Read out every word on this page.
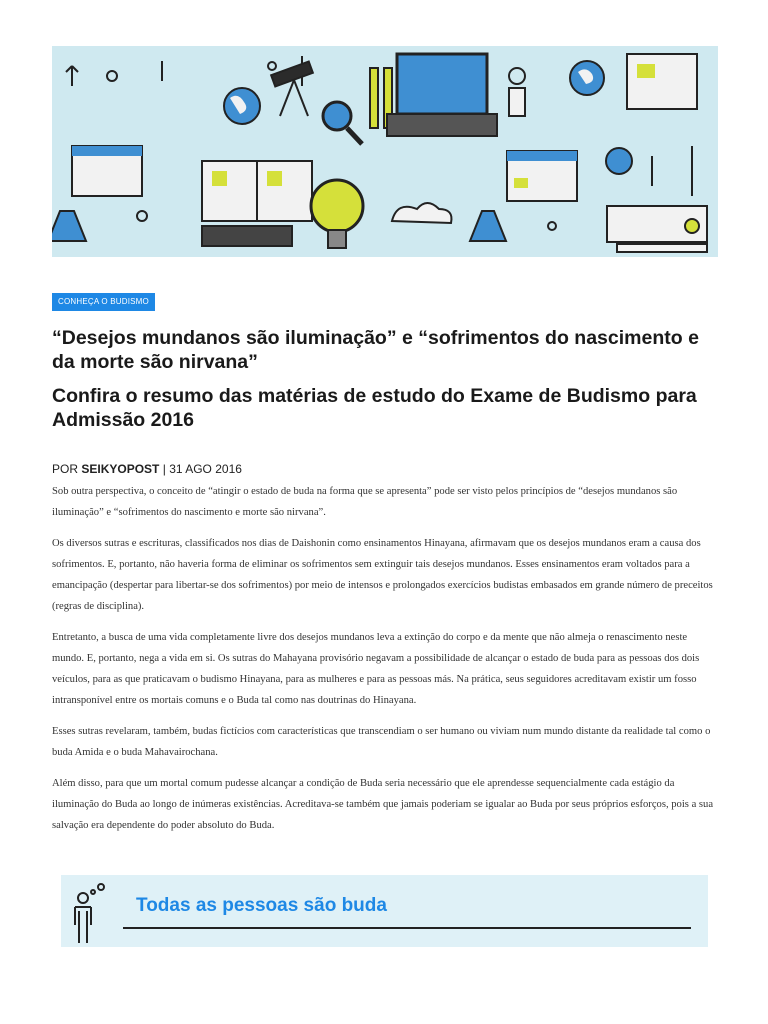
CONHEÇA O BUDISMO
“Desejos mundanos são iluminação” e “sofrimentos do nascimento e da morte são nirvana”
Confira o resumo das matérias de estudo do Exame de Budismo para Admissão 2016
POR SEIKYOPOST | 31 AGO 2016

Sob outra perspectiva, o conceito de “atingir o estado de buda na forma que se apresenta” pode ser visto pelos princípios de “desejos mundanos são iluminação” e “sofrimentos do nascimento e morte são nirvana”.

Os diversos sutras e escrituras, classificados nos dias de Daishonin como ensinamentos Hinayana, afirmavam que os desejos mundanos eram a causa dos sofrimentos. E, portanto, não haveria forma de eliminar os sofrimentos sem extinguir tais desejos mundanos. Esses ensinamentos eram voltados para a emancipação (despertar para libertar-se dos sofrimentos) por meio de intensos e prolongados exercícios budistas embasados em grande número de preceitos (regras de disciplina).

Entretanto, a busca de uma vida completamente livre dos desejos mundanos leva a extinção do corpo e da mente que não almeja o renascimento neste mundo. E, portanto, nega a vida em si. Os sutras do Mahayana provisório negavam a possibilidade de alcançar o estado de buda para as pessoas dos dois veículos, para as que praticavam o budismo Hinayana, para as mulheres e para as pessoas más. Na prática, seus seguidores acreditavam existir um fosso intransponível entre os mortais comuns e o Buda tal como nas doutrinas do Hinayana.

Esses sutras revelaram, também, budas fictícios com características que transcendiam o ser humano ou viviam num mundo distante da realidade tal como o buda Amida e o buda Mahavairochana.

Além disso, para que um mortal comum pudesse alcançar a condição de Buda seria necessário que ele aprendesse sequencialmente cada estágio da iluminação do Buda ao longo de inúmeras existências. Acreditava-se também que jamais poderiam se igualar ao Buda por seus próprios esforços, pois a sua salvação era dependente do poder absoluto do Buda.

Todas as pessoas são buda
